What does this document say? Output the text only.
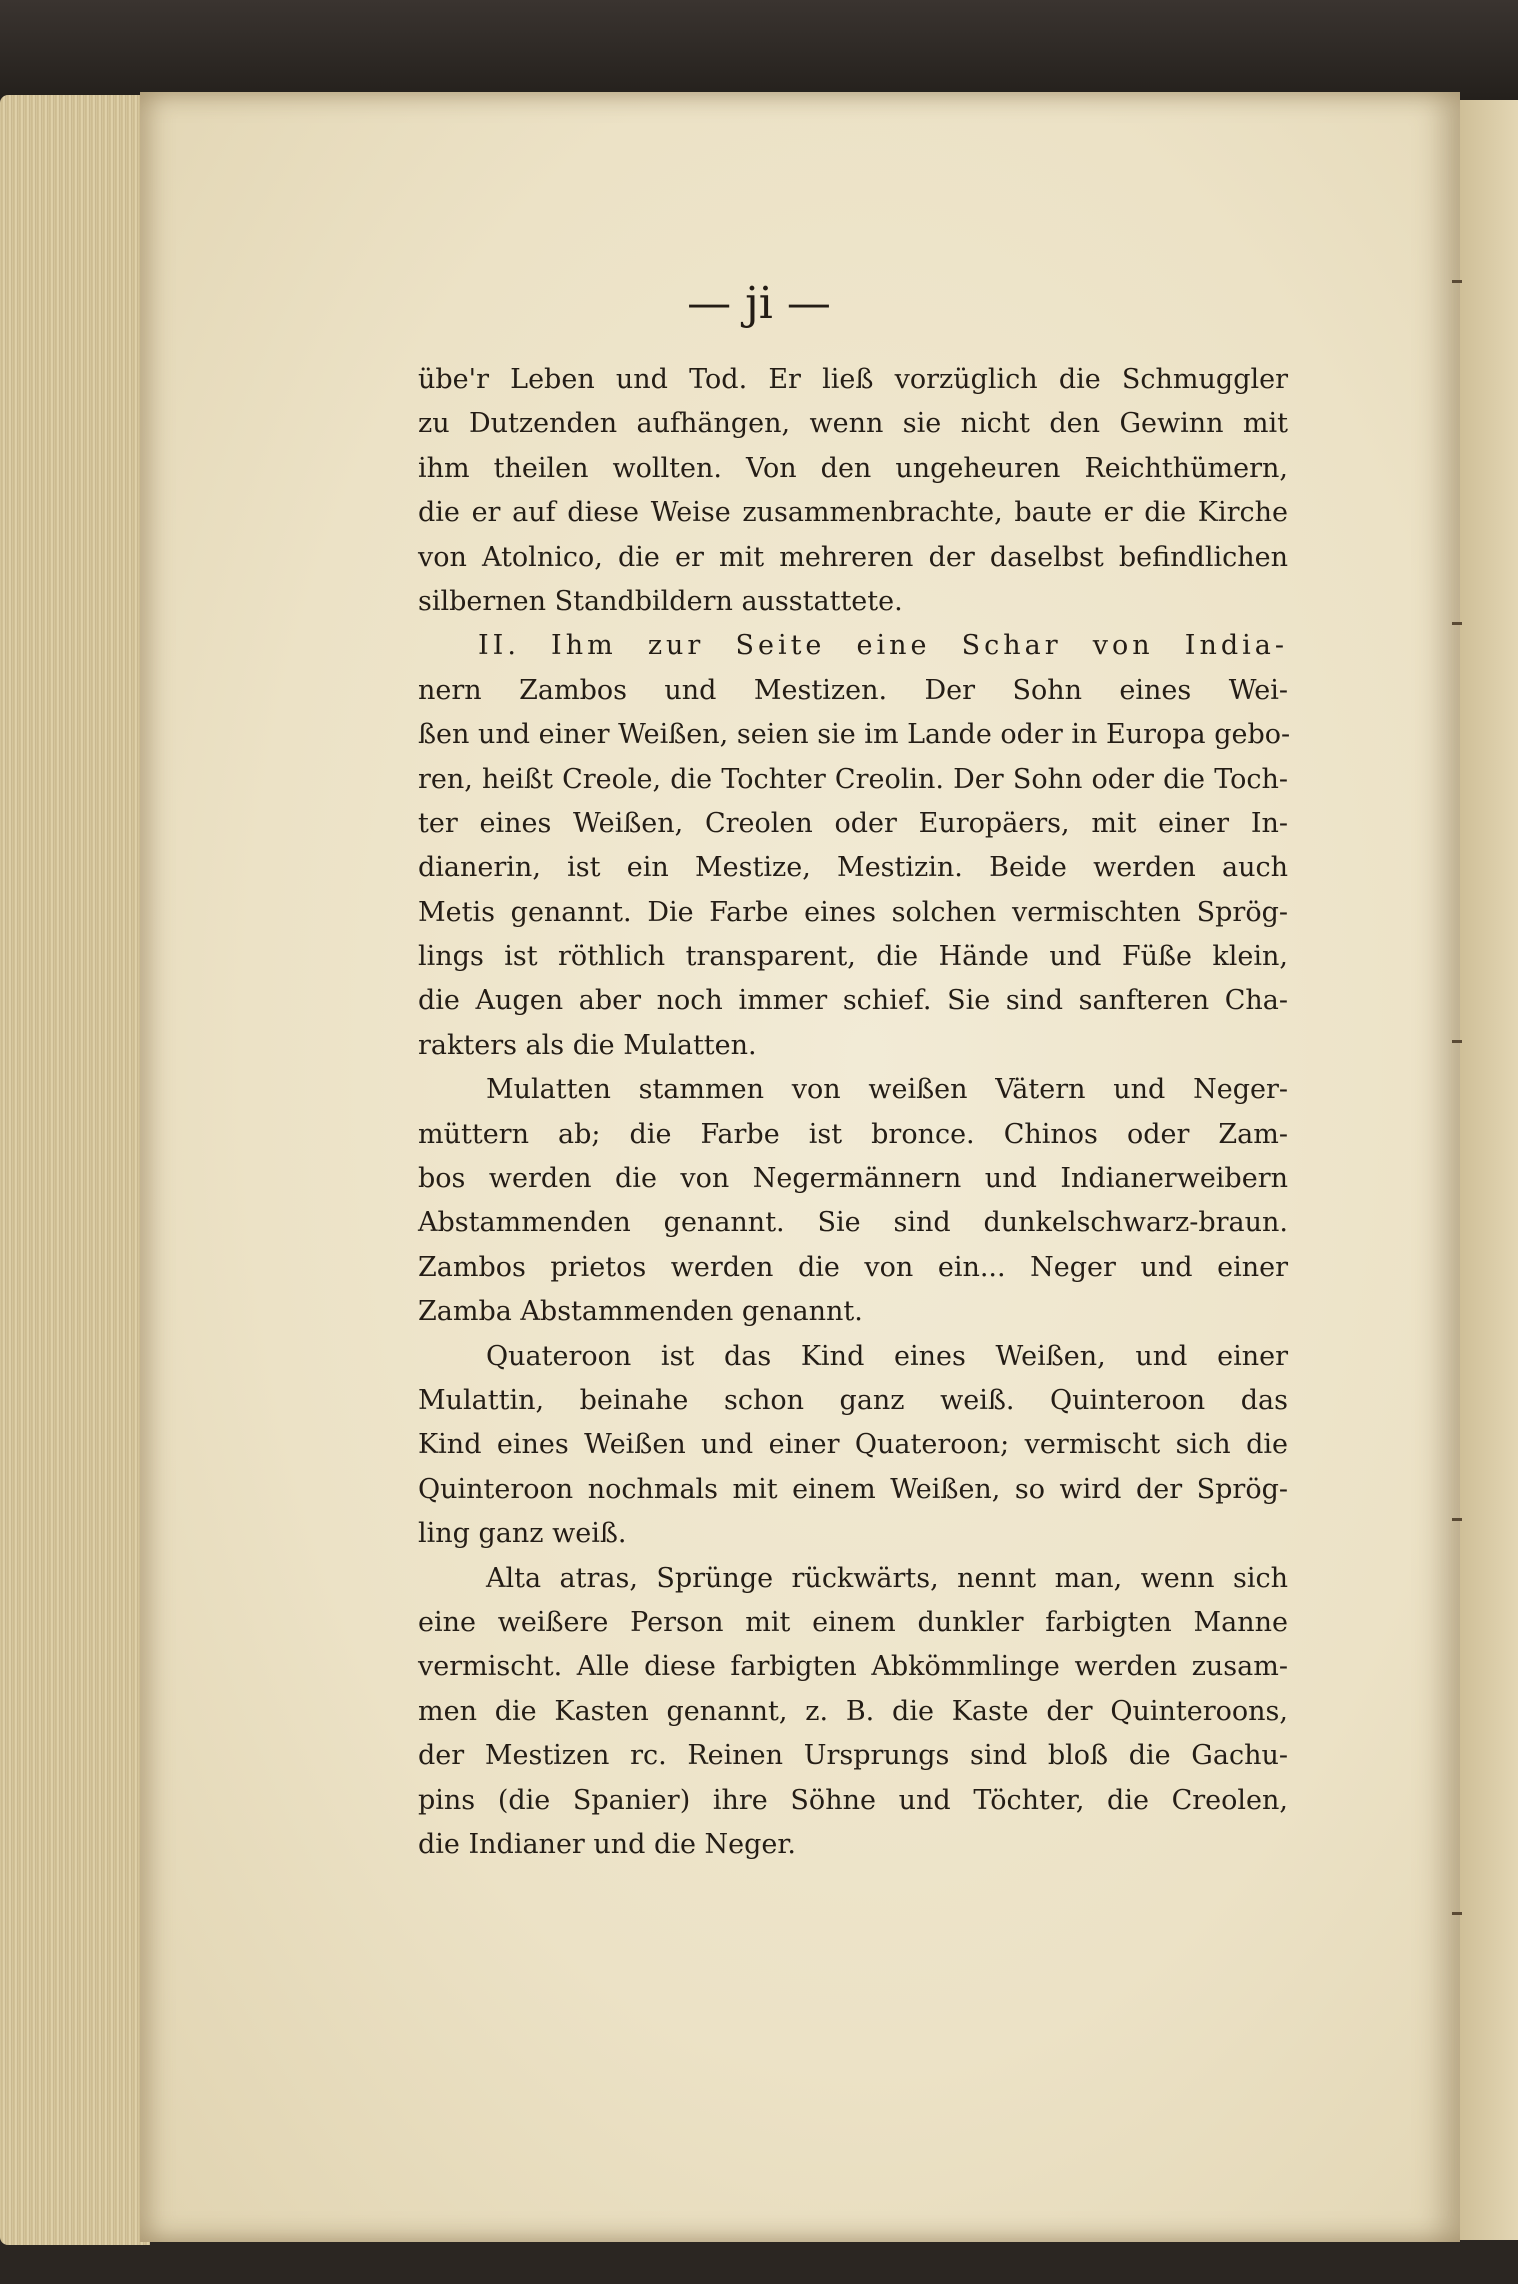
— ji —
übe'r Leben und Tod. Er ließ vorzüglich die Schmuggler
zu Dutzenden aufhängen, wenn sie nicht den Gewinn mit
ihm theilen wollten. Von den ungeheuren Reichthümern,
die er auf diese Weise zusammenbrachte, baute er die Kirche
von Atolnico, die er mit mehreren der daselbst befindlichen
silbernen Standbildern ausstattete.
II. Ihm zur Seite eine Schar von India-
nern Zambos und Mestizen. Der Sohn eines Wei-
ßen und einer Weißen, seien sie im Lande oder in Europa gebo-
ren, heißt Creole, die Tochter Creolin. Der Sohn oder die Toch-
ter eines Weißen, Creolen oder Europäers, mit einer In-
dianerin, ist ein Mestize, Mestizin. Beide werden auch
Metis genannt. Die Farbe eines solchen vermischten Sprög-
lings ist röthlich transparent, die Hände und Füße klein,
die Augen aber noch immer schief. Sie sind sanfteren Cha-
rakters als die Mulatten.
Mulatten stammen von weißen Vätern und Neger-
müttern ab; die Farbe ist bronce. Chinos oder Zam-
bos werden die von Negermännern und Indianerweibern
Abstammenden genannt. Sie sind dunkelschwarz-braun.
Zambos prietos werden die von ein... Neger und einer
Zamba Abstammenden genannt.
Quateroon ist das Kind eines Weißen, und einer
Mulattin, beinahe schon ganz weiß. Quinteroon das
Kind eines Weißen und einer Quateroon; vermischt sich die
Quinteroon nochmals mit einem Weißen, so wird der Sprög-
ling ganz weiß.
Alta atras, Sprünge rückwärts, nennt man, wenn sich
eine weißere Person mit einem dunkler farbigten Manne
vermischt. Alle diese farbigten Abkömmlinge werden zusam-
men die Kasten genannt, z. B. die Kaste der Quinteroons,
der Mestizen rc. Reinen Ursprungs sind bloß die Gachu-
pins (die Spanier) ihre Söhne und Töchter, die Creolen,
die Indianer und die Neger.
